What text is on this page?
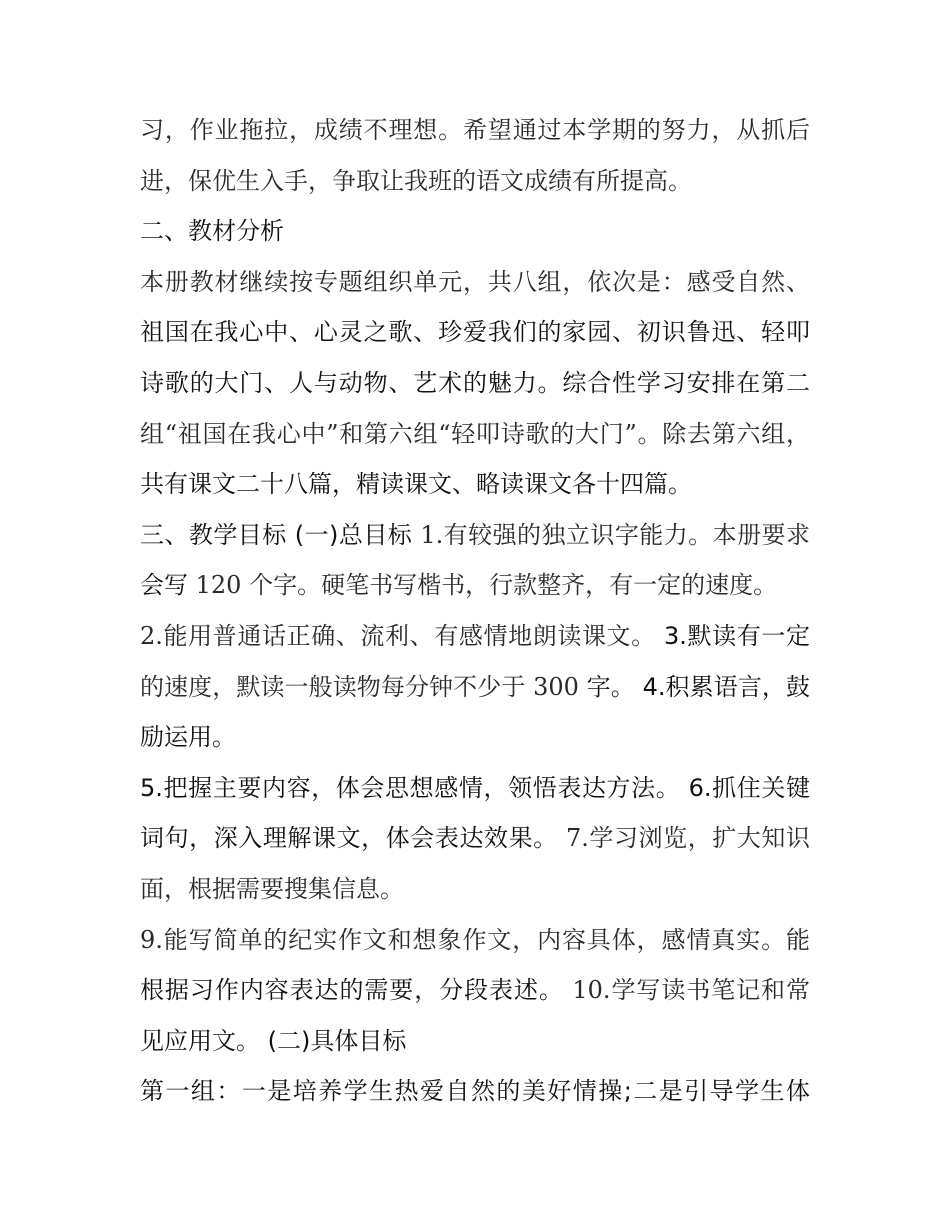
习，作业拖拉，成绩不理想。希望通过本学期的努力，从抓后
进，保优生入手，争取让我班的语文成绩有所提高。
二、教材分析
本册教材继续按专题组织单元，共八组，依次是：感受自然、
祖国在我心中、心灵之歌、珍爱我们的家园、初识鲁迅、轻叩
诗歌的大门、人与动物、艺术的魅力。综合性学习安排在第二
组“祖国在我心中”和第六组“轻叩诗歌的大门”。除去第六组，
共有课文二十八篇，精读课文、略读课文各十四篇。
三、教学目标 (一)总目标 1.有较强的独立识字能力。本册要求
会写 120 个字。硬笔书写楷书，行款整齐，有一定的速度。
2.能用普通话正确、流利、有感情地朗读课文。 3.默读有一定
的速度，默读一般读物每分钟不少于 300 字。 4.积累语言，鼓
励运用。
5.把握主要内容，体会思想感情，领悟表达方法。 6.抓住关键
词句，深入理解课文，体会表达效果。 7.学习浏览，扩大知识
面，根据需要搜集信息。
9.能写简单的纪实作文和想象作文，内容具体，感情真实。能
根据习作内容表达的需要，分段表述。 10.学写读书笔记和常
见应用文。 (二)具体目标
第一组：一是培养学生热爱自然的美好情操;二是引导学生体
